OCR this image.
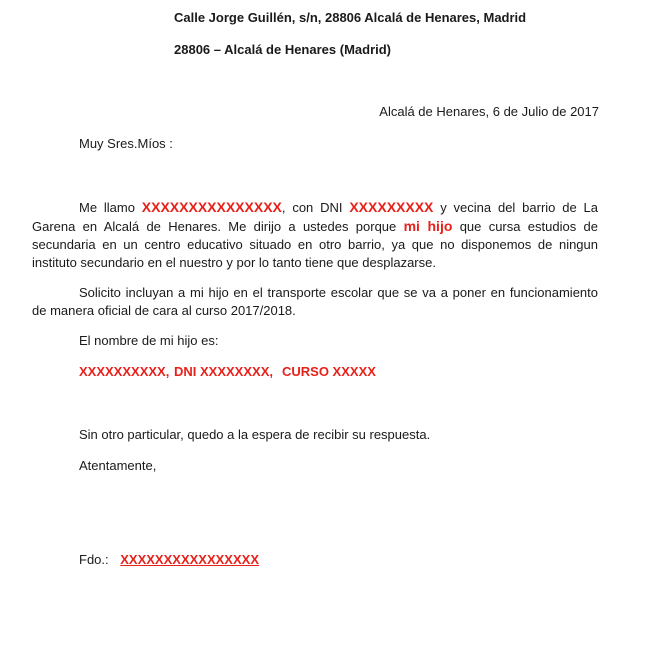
Calle Jorge Guillén, s/n, 28806 Alcalá de Henares, Madrid
28806 – Alcalá de Henares (Madrid)
Alcalá de Henares, 6 de Julio de 2017
Muy Sres.Míos :
Me llamo XXXXXXXXXXXXXXX, con DNI XXXXXXXXX y vecina del barrio de La Garena en Alcalá de Henares. Me dirijo a ustedes porque mi hijo que cursa estudios de secundaria en un centro educativo situado en otro barrio, ya que no disponemos de ningun instituto secundario en el nuestro y por lo tanto tiene que desplazarse.
Solicito incluyan a mi hijo en el transporte escolar que se va a poner en funcionamiento de manera oficial de cara al curso 2017/2018.
El nombre de mi hijo es:
XXXXXXXXXX, DNI XXXXXXXX, CURSO XXXXX
Sin otro particular, quedo a la espera de recibir su respuesta.
Atentamente,
Fdo.: XXXXXXXXXXXXXXXX
